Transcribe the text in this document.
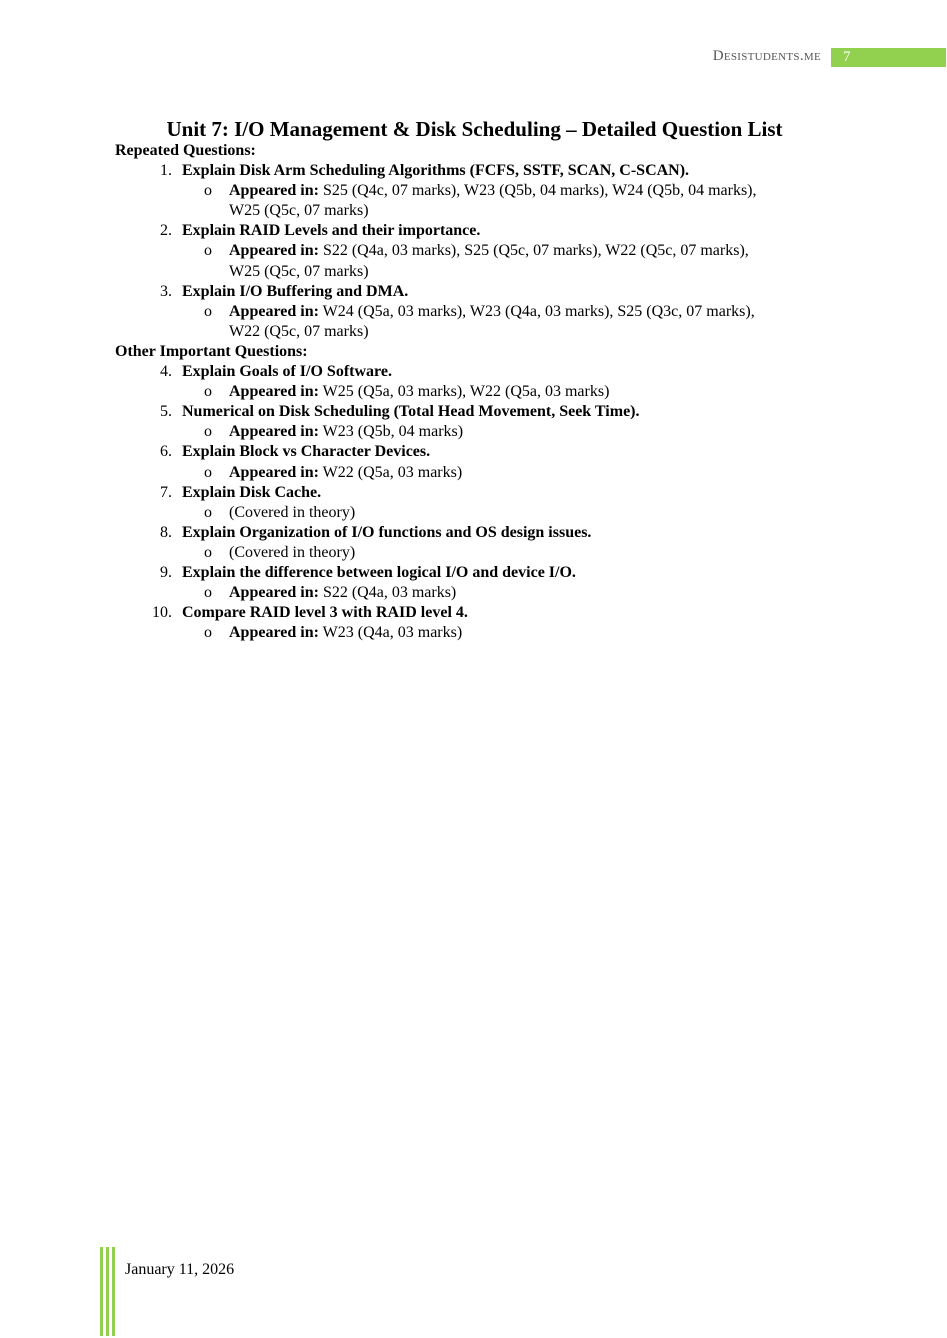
Desistudents.me	7
Unit 7: I/O Management & Disk Scheduling – Detailed Question List
Repeated Questions:
1. Explain Disk Arm Scheduling Algorithms (FCFS, SSTF, SCAN, C-SCAN).
o	Appeared in: S25 (Q4c, 07 marks), W23 (Q5b, 04 marks), W24 (Q5b, 04 marks),
W25 (Q5c, 07 marks)
2. Explain RAID Levels and their importance.
o	Appeared in: S22 (Q4a, 03 marks), S25 (Q5c, 07 marks), W22 (Q5c, 07 marks),
W25 (Q5c, 07 marks)
3. Explain I/O Buffering and DMA.
o	Appeared in: W24 (Q5a, 03 marks), W23 (Q4a, 03 marks), S25 (Q3c, 07 marks),
W22 (Q5c, 07 marks)
Other Important Questions:
4. Explain Goals of I/O Software.
o	Appeared in: W25 (Q5a, 03 marks), W22 (Q5a, 03 marks)
5. Numerical on Disk Scheduling (Total Head Movement, Seek Time).
o	Appeared in: W23 (Q5b, 04 marks)
6. Explain Block vs Character Devices.
o	Appeared in: W22 (Q5a, 03 marks)
7. Explain Disk Cache.
o	(Covered in theory)
8. Explain Organization of I/O functions and OS design issues.
o	(Covered in theory)
9. Explain the difference between logical I/O and device I/O.
o	Appeared in: S22 (Q4a, 03 marks)
10. Compare RAID level 3 with RAID level 4.
o	Appeared in: W23 (Q4a, 03 marks)
January 11, 2026
